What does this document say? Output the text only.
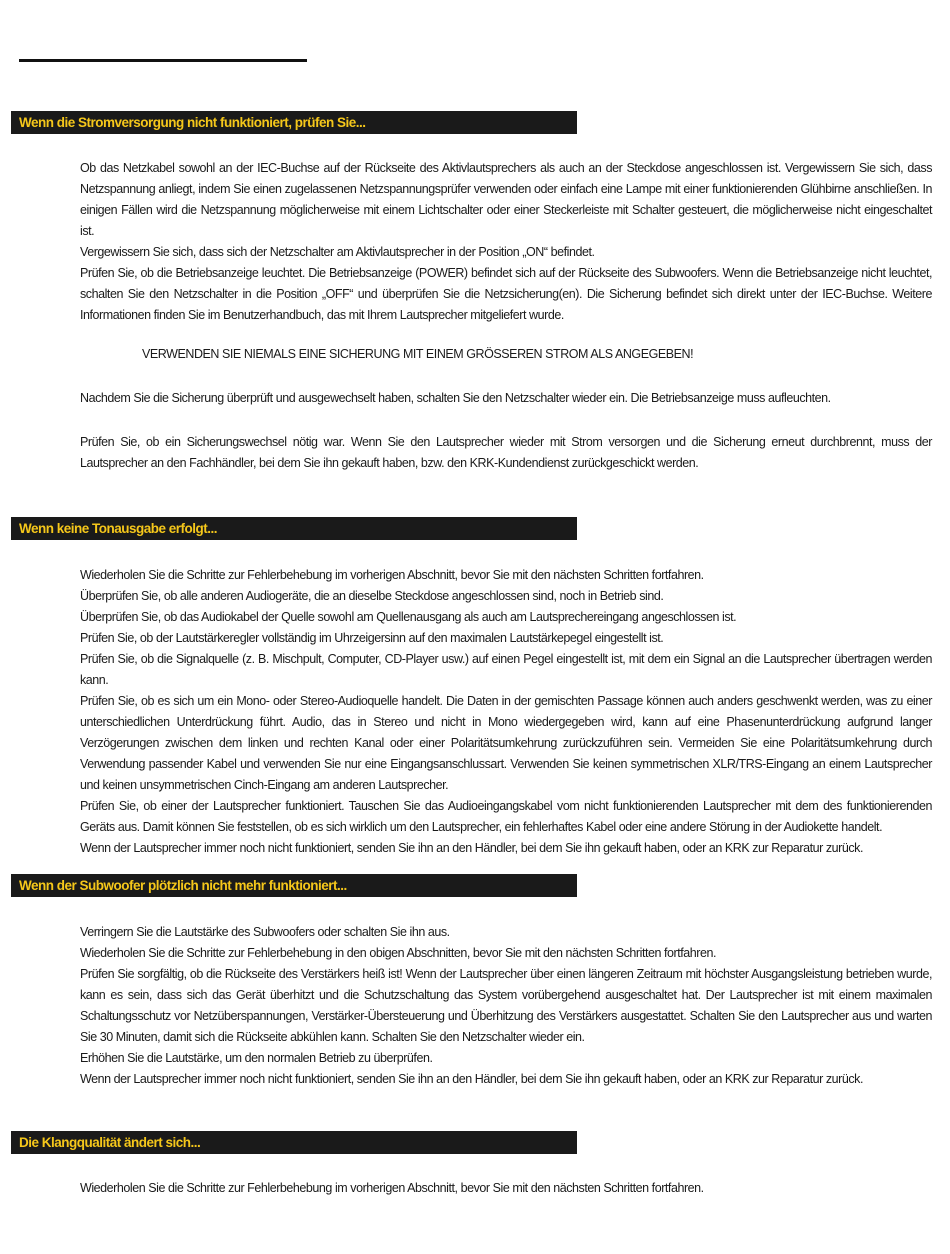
Wenn die Stromversorgung nicht funktioniert, prüfen Sie...

Ob das Netzkabel sowohl an der IEC-Buchse auf der Rückseite des Aktivlautsprechers als auch an der Steckdose angeschlossen ist. Vergewissern Sie sich, dass Netzspannung anliegt, indem Sie einen zugelassenen Netzspannungsprüfer verwenden oder einfach eine Lampe mit einer funktionierenden Glühbirne anschließen. In einigen Fällen wird die Netzspannung möglicherweise mit einem Lichtschalter oder einer Steckerleiste mit Schalter gesteuert, die möglicherweise nicht eingeschaltet ist.

Vergewissern Sie sich, dass sich der Netzschalter am Aktivlautsprecher in der Position „ON“ befindet.

Prüfen Sie, ob die Betriebsanzeige leuchtet. Die Betriebsanzeige (POWER) befindet sich auf der Rückseite des Subwoofers. Wenn die Betriebsanzeige nicht leuchtet, schalten Sie den Netzschalter in die Position „OFF“ und überprüfen Sie die Netzsicherung(en). Die Sicherung befindet sich direkt unter der IEC-Buchse. Weitere Informationen finden Sie im Benutzerhandbuch, das mit Ihrem Lautsprecher mitgeliefert wurde.

VERWENDEN SIE NIEMALS EINE SICHERUNG MIT EINEM GRÖSSEREN STROM ALS ANGEGEBEN!

Nachdem Sie die Sicherung überprüft und ausgewechselt haben, schalten Sie den Netzschalter wieder ein. Die Betriebsanzeige muss aufleuchten.

Prüfen Sie, ob ein Sicherungswechsel nötig war. Wenn Sie den Lautsprecher wieder mit Strom versorgen und die Sicherung erneut durchbrennt, muss der Lautsprecher an den Fachhändler, bei dem Sie ihn gekauft haben, bzw. den KRK-Kundendienst zurückgeschickt werden.

Wenn keine Tonausgabe erfolgt...

Wiederholen Sie die Schritte zur Fehlerbehebung im vorherigen Abschnitt, bevor Sie mit den nächsten Schritten fortfahren.

Überprüfen Sie, ob alle anderen Audiogeräte, die an dieselbe Steckdose angeschlossen sind, noch in Betrieb sind.

Überprüfen Sie, ob das Audiokabel der Quelle sowohl am Quellenausgang als auch am Lautsprechereingang angeschlossen ist.

Prüfen Sie, ob der Lautstärkeregler vollständig im Uhrzeigersinn auf den maximalen Lautstärkepegel eingestellt ist.

Prüfen Sie, ob die Signalquelle (z. B. Mischpult, Computer, CD-Player usw.) auf einen Pegel eingestellt ist, mit dem ein Signal an die Lautsprecher übertragen werden kann.

Prüfen Sie, ob es sich um ein Mono- oder Stereo-Audioquelle handelt. Die Daten in der gemischten Passage können auch anders geschwenkt werden, was zu einer unterschiedlichen Unterdrückung führt. Audio, das in Stereo und nicht in Mono wiedergegeben wird, kann auf eine Phasenunterdrückung aufgrund langer Verzögerungen zwischen dem linken und rechten Kanal oder einer Polaritätsumkehrung zurückzuführen sein. Vermeiden Sie eine Polaritätsumkehrung durch Verwendung passender Kabel und verwenden Sie nur eine Eingangsanschlussart. Verwenden Sie keinen symmetrischen XLR/TRS-Eingang an einem Lautsprecher und keinen unsymmetrischen Cinch-Eingang am anderen Lautsprecher.

Prüfen Sie, ob einer der Lautsprecher funktioniert. Tauschen Sie das Audioeingangskabel vom nicht funktionierenden Lautsprecher mit dem des funktionierenden Geräts aus. Damit können Sie feststellen, ob es sich wirklich um den Lautsprecher, ein fehlerhaftes Kabel oder eine andere Störung in der Audiokette handelt.

Wenn der Lautsprecher immer noch nicht funktioniert, senden Sie ihn an den Händler, bei dem Sie ihn gekauft haben, oder an KRK zur Reparatur zurück.

Wenn der Subwoofer plötzlich nicht mehr funktioniert...

Verringern Sie die Lautstärke des Subwoofers oder schalten Sie ihn aus.

Wiederholen Sie die Schritte zur Fehlerbehebung in den obigen Abschnitten, bevor Sie mit den nächsten Schritten fortfahren.

Prüfen Sie sorgfältig, ob die Rückseite des Verstärkers heiß ist! Wenn der Lautsprecher über einen längeren Zeitraum mit höchster Ausgangsleistung betrieben wurde, kann es sein, dass sich das Gerät überhitzt und die Schutzschaltung das System vorübergehend ausgeschaltet hat. Der Lautsprecher ist mit einem maximalen Schaltungsschutz vor Netzüberspannungen, Verstärker-Übersteuerung und Überhitzung des Verstärkers ausgestattet. Schalten Sie den Lautsprecher aus und warten Sie 30 Minuten, damit sich die Rückseite abkühlen kann. Schalten Sie den Netzschalter wieder ein.

Erhöhen Sie die Lautstärke, um den normalen Betrieb zu überprüfen.

Wenn der Lautsprecher immer noch nicht funktioniert, senden Sie ihn an den Händler, bei dem Sie ihn gekauft haben, oder an KRK zur Reparatur zurück.

Die Klangqualität ändert sich...

Wiederholen Sie die Schritte zur Fehlerbehebung im vorherigen Abschnitt, bevor Sie mit den nächsten Schritten fortfahren.
